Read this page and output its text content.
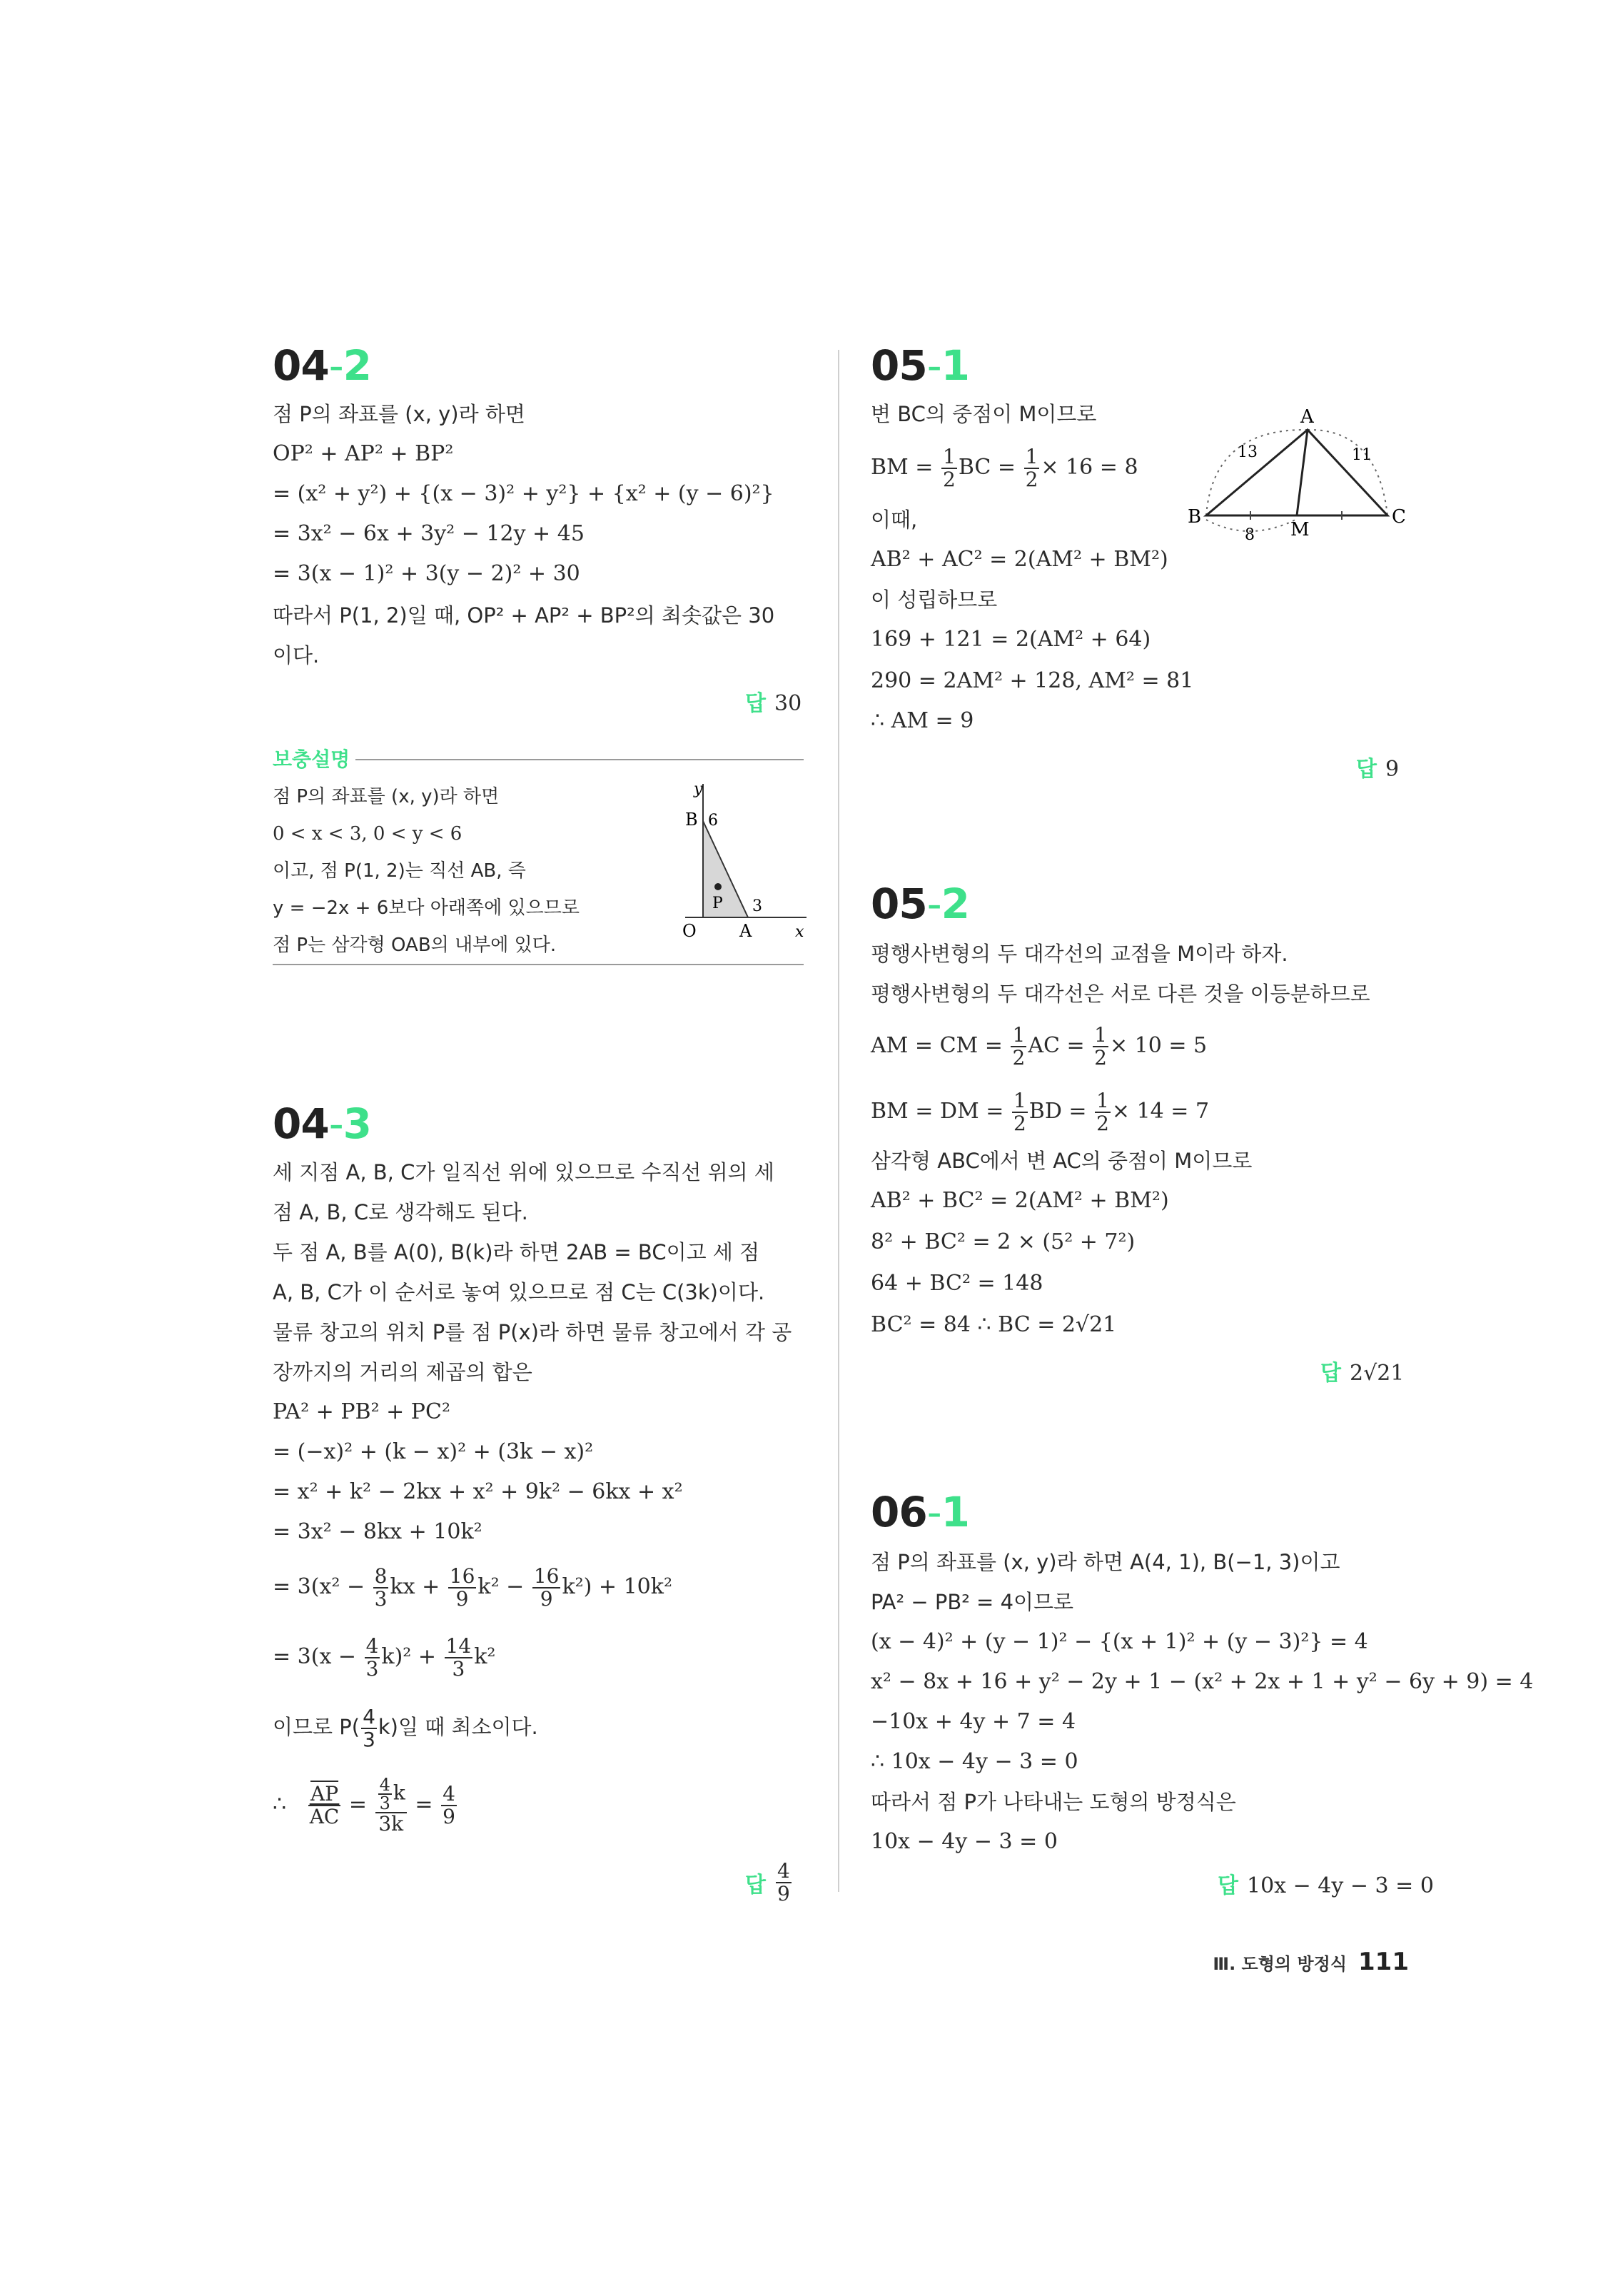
04-2
점 P의 좌표를 (x, y)라 하면
OP² + AP² + BP²
= (x² + y²) + {(x − 3)² + y²} + {x² + (y − 6)²}
= 3x² − 6x + 3y² − 12y + 45
= 3(x − 1)² + 3(y − 2)² + 30
따라서 P(1, 2)일 때, OP² + AP² + BP²의 최솟값은 30
이다.
답 30
보충설명
점 P의 좌표를 (x, y)라 하면
0 < x < 3, 0 < y < 6
이고, 점 P(1, 2)는 직선 AB, 즉
y = −2x + 6보다 아래쪽에 있으므로
점 P는 삼각형 OAB의 내부에 있다.
y
B 6
P 3
O	A	x
04-3
세 지점 A, B, C가 일직선 위에 있으므로 수직선 위의 세
점 A, B, C로 생각해도 된다.
두 점 A, B를 A(0), B(k)라 하면 2AB = BC이고 세 점
A, B, C가 이 순서로 놓여 있으므로 점 C는 C(3k)이다.
물류 창고의 위치 P를 점 P(x)라 하면 물류 창고에서 각 공
장까지의 거리의 제곱의 합은
PA² + PB² + PC²
= (−x)² + (k − x)² + (3k − x)²
= x² + k² − 2kx + x² + 9k² − 6kx + x²
= 3x² − 8kx + 10k²
= $3(x^2 - \frac{8}{3}$ kx + $\frac{16}{9} k^2 - \frac{16}{9} k^2) + 10k^2$
= $3(x - \frac{4}{3} k)^2 + \frac{14}{3} k^2$
이므로 $P( \frac{4}{3} k)$일 때 최소이다.
∴ $\frac{\overline{AP}}{AC} = \frac{\frac{4}{3} k}{3k} = \frac{4}{9}$
답 $\frac{4}{9}$
05-1
변 BC의 중점이 M이므로
BM = $\frac{1}{2}$ BC = $\frac{1}{2} \times 16 = 8$
이때,
AB² + AC² = 2(AM² + BM²)
이 성립하므로
169 + 121 = 2(AM² + 64)
290 = 2AM² + 128, AM² = 81
∴ AM = 9
A
B	C
M
13	11
8
답 9
05-2
평행사변형의 두 대각선의 교점을 M이라 하자.
평행사변형의 두 대각선은 서로 다른 것을 이등분하므로
AM = CM = $\frac{1}{2}$ AC = $\frac{1}{2} \times 10 = 5$
BM = DM = $\frac{1}{2}$ BD = $\frac{1}{2} \times 14 = 7$
삼각형 ABC에서 변 AC의 중점이 M이므로
AB² + BC² = 2(AM² + BM²)
8² + BC² = 2 × (5² + 7²)
64 + BC² = 148
BC² = 84 ∴ BC = 2√21
답 2√21
06-1
점 P의 좌표를 (x, y)라 하면 A(4, 1), B(−1, 3)이고
PA² − PB² = 4이므로
(x − 4)² + (y − 1)² − {(x + 1)² + (y − 3)²} = 4
x² − 8x + 16 + y² − 2y + 1 − (x² + 2x + 1 + y² − 6y + 9) = 4
−10x + 4y + 7 = 4
∴ 10x − 4y − 3 = 0
따라서 점 P가 나타내는 도형의 방정식은
10x − 4y − 3 = 0
답 10x − 4y − 3 = 0
Ⅲ. 도형의 방정식 111
